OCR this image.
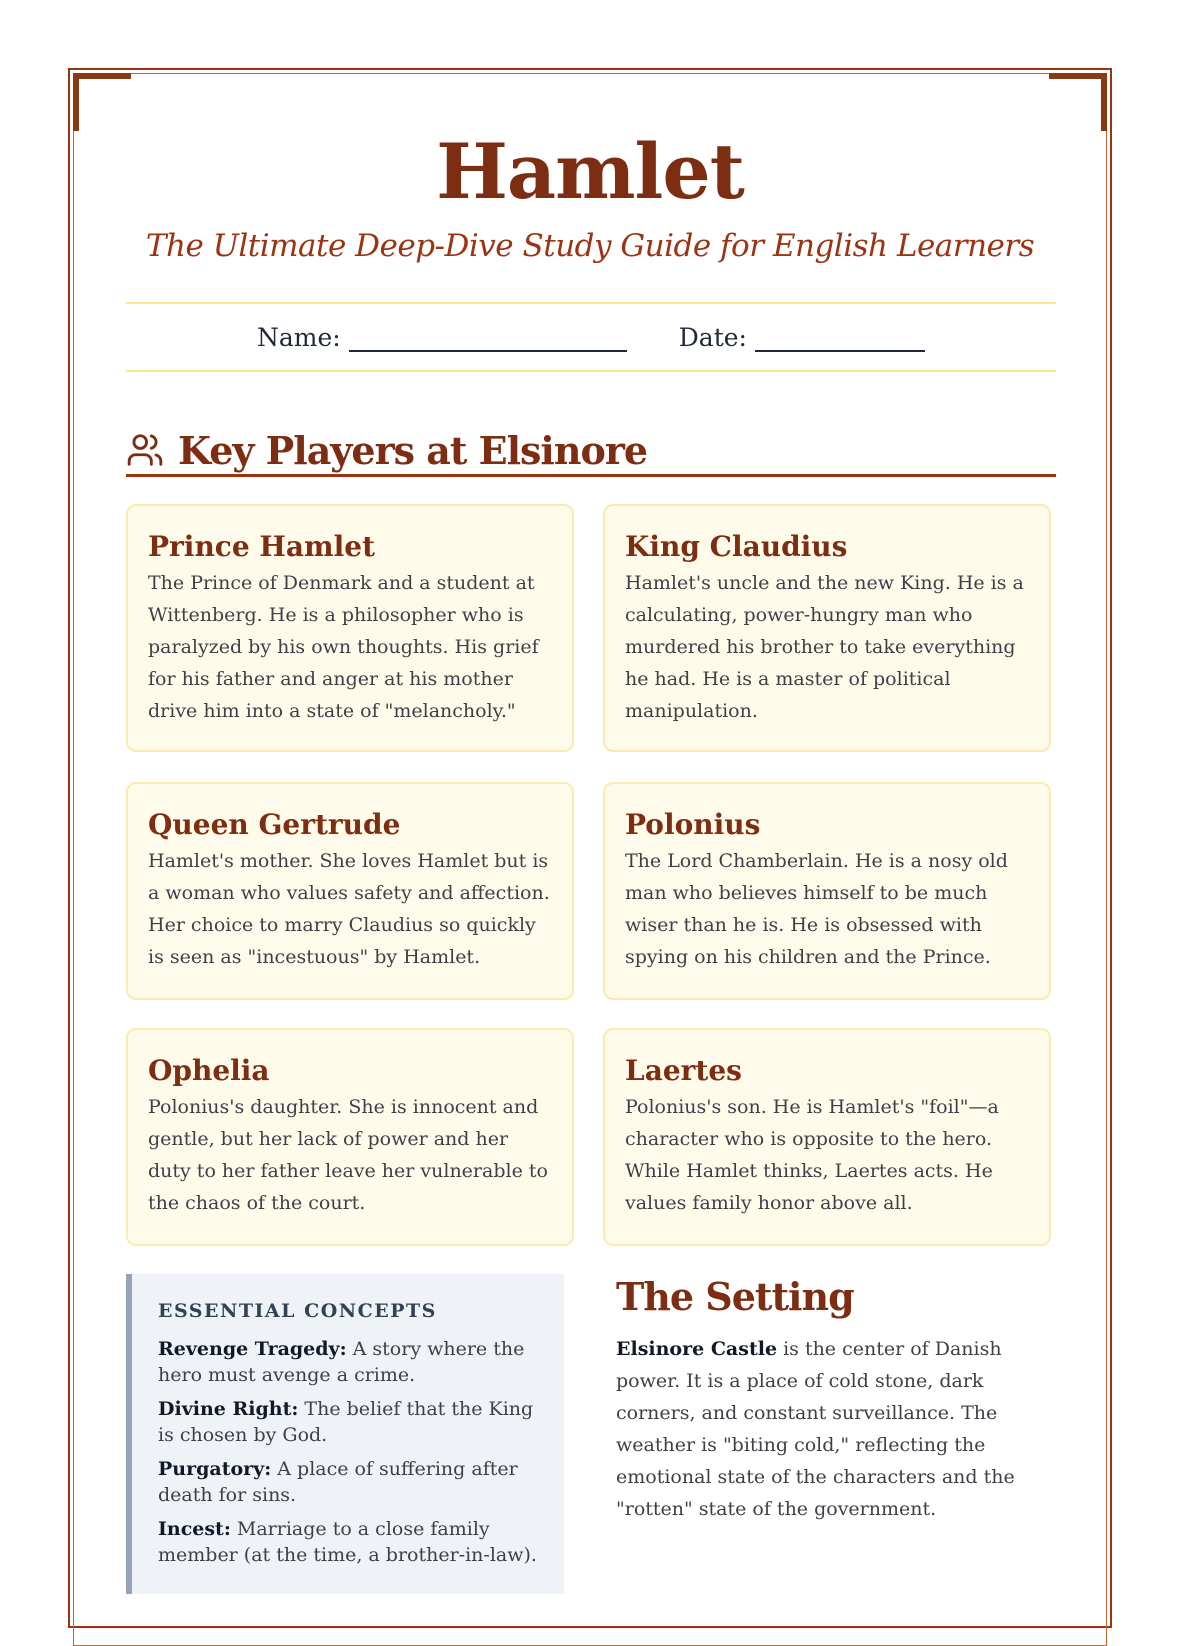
Hamlet
The Ultimate Deep-Dive Study Guide for English Learners
Name:	Date:
Key Players at Elsinore
Prince Hamlet

The Prince of Denmark and a student at Wittenberg. He is a philosopher who is paralyzed by his own thoughts. His grief for his father and anger at his mother drive him into a state of "melancholy."

King Claudius

Hamlet's uncle and the new King. He is a calculating, power-hungry man who murdered his brother to take everything he had. He is a master of political manipulation.

Queen Gertrude

Hamlet's mother. She loves Hamlet but is a woman who values safety and affection. Her choice to marry Claudius so quickly is seen as "incestuous" by Hamlet.

Polonius

The Lord Chamberlain. He is a nosy old man who believes himself to be much wiser than he is. He is obsessed with spying on his children and the Prince.

Ophelia

Polonius's daughter. She is innocent and gentle, but her lack of power and her duty to her father leave her vulnerable to the chaos of the court.

Laertes

Polonius's son. He is Hamlet's "foil"—a character who is opposite to the hero. While Hamlet thinks, Laertes acts. He values family honor above all.

ESSENTIAL CONCEPTS
Revenge Tragedy: A story where the hero must avenge a crime.
Divine Right: The belief that the King is chosen by God.
Purgatory: A place of suffering after death for sins.
Incest: Marriage to a close family member (at the time, a brother-in-law).
The Setting

Elsinore Castle is the center of Danish power. It is a place of cold stone, dark corners, and constant surveillance. The weather is "biting cold," reflecting the emotional state of the characters and the "rotten" state of the government.
